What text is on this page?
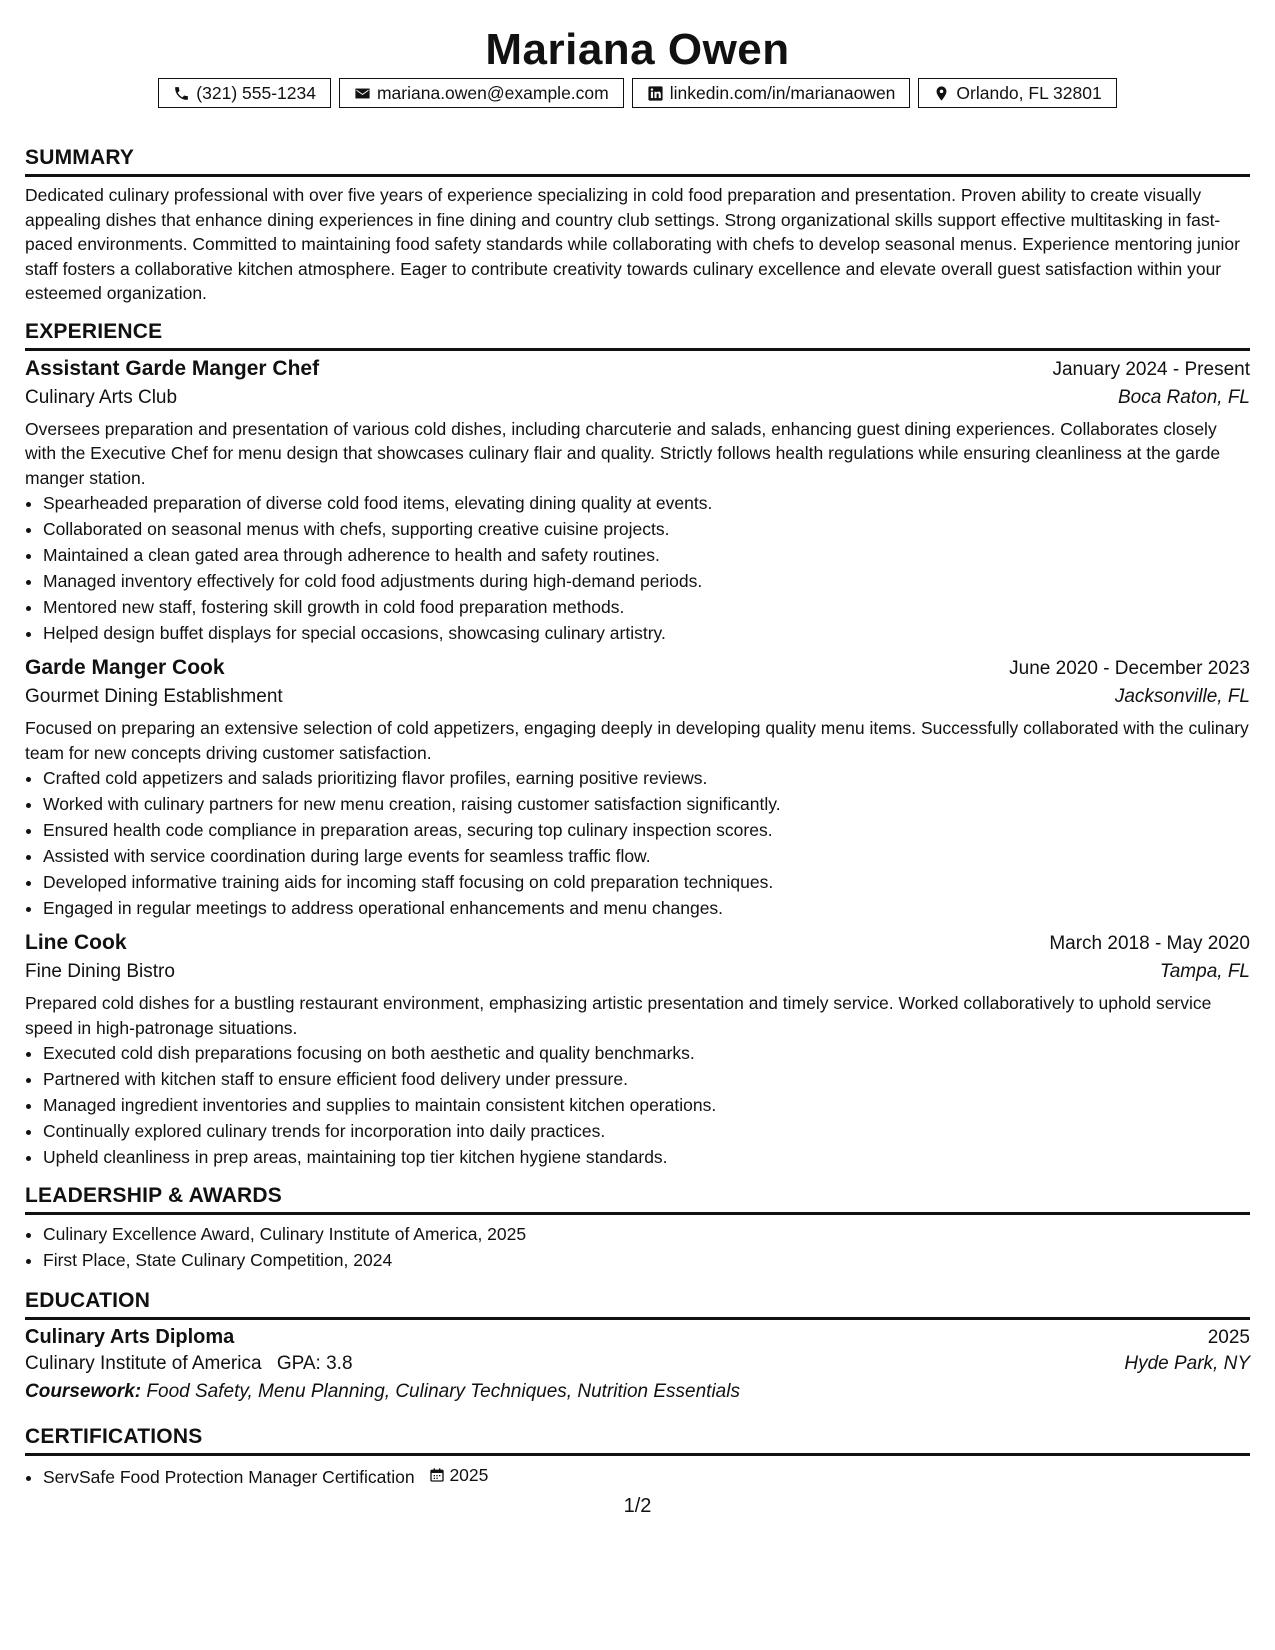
Mariana Owen
(321) 555-1234	mariana.owen@example.com	linkedin.com/in/marianaowen	Orlando, FL 32801
SUMMARY

Dedicated culinary professional with over five years of experience specializing in cold food preparation and presentation. Proven ability to create visually appealing dishes that enhance dining experiences in fine dining and country club settings. Strong organizational skills support effective multitasking in fast-paced environments. Committed to maintaining food safety standards while collaborating with chefs to develop seasonal menus. Experience mentoring junior staff fosters a collaborative kitchen atmosphere. Eager to contribute creativity towards culinary excellence and elevate overall guest satisfaction within your esteemed organization.

EXPERIENCE
Assistant Garde Manger Chef	January 2024 - Present
Culinary Arts Club	Boca Raton, FL

Oversees preparation and presentation of various cold dishes, including charcuterie and salads, enhancing guest dining experiences. Collaborates closely with the Executive Chef for menu design that showcases culinary flair and quality. Strictly follows health regulations while ensuring cleanliness at the garde manger station.

• Spearheaded preparation of diverse cold food items, elevating dining quality at events.
• Collaborated on seasonal menus with chefs, supporting creative cuisine projects.
• Maintained a clean gated area through adherence to health and safety routines.
• Managed inventory effectively for cold food adjustments during high-demand periods.
• Mentored new staff, fostering skill growth in cold food preparation methods.
• Helped design buffet displays for special occasions, showcasing culinary artistry.
Garde Manger Cook	June 2020 - December 2023
Gourmet Dining Establishment	Jacksonville, FL

Focused on preparing an extensive selection of cold appetizers, engaging deeply in developing quality menu items. Successfully collaborated with the culinary team for new concepts driving customer satisfaction.

• Crafted cold appetizers and salads prioritizing flavor profiles, earning positive reviews.
• Worked with culinary partners for new menu creation, raising customer satisfaction significantly.
• Ensured health code compliance in preparation areas, securing top culinary inspection scores.
• Assisted with service coordination during large events for seamless traffic flow.
• Developed informative training aids for incoming staff focusing on cold preparation techniques.
• Engaged in regular meetings to address operational enhancements and menu changes.
Line Cook	March 2018 - May 2020
Fine Dining Bistro	Tampa, FL

Prepared cold dishes for a bustling restaurant environment, emphasizing artistic presentation and timely service. Worked collaboratively to uphold service speed in high-patronage situations.

• Executed cold dish preparations focusing on both aesthetic and quality benchmarks.
• Partnered with kitchen staff to ensure efficient food delivery under pressure.
• Managed ingredient inventories and supplies to maintain consistent kitchen operations.
• Continually explored culinary trends for incorporation into daily practices.
• Upheld cleanliness in prep areas, maintaining top tier kitchen hygiene standards.
LEADERSHIP & AWARDS
• Culinary Excellence Award, Culinary Institute of America, 2025
• First Place, State Culinary Competition, 2024
EDUCATION
Culinary Arts Diploma	2025
Culinary Institute of America GPA: 3.8	Hyde Park, NY
Coursework: Food Safety, Menu Planning, Culinary Techniques, Nutrition Essentials
CERTIFICATIONS
• ServSafe Food Protection Manager Certification 2025
1/2
